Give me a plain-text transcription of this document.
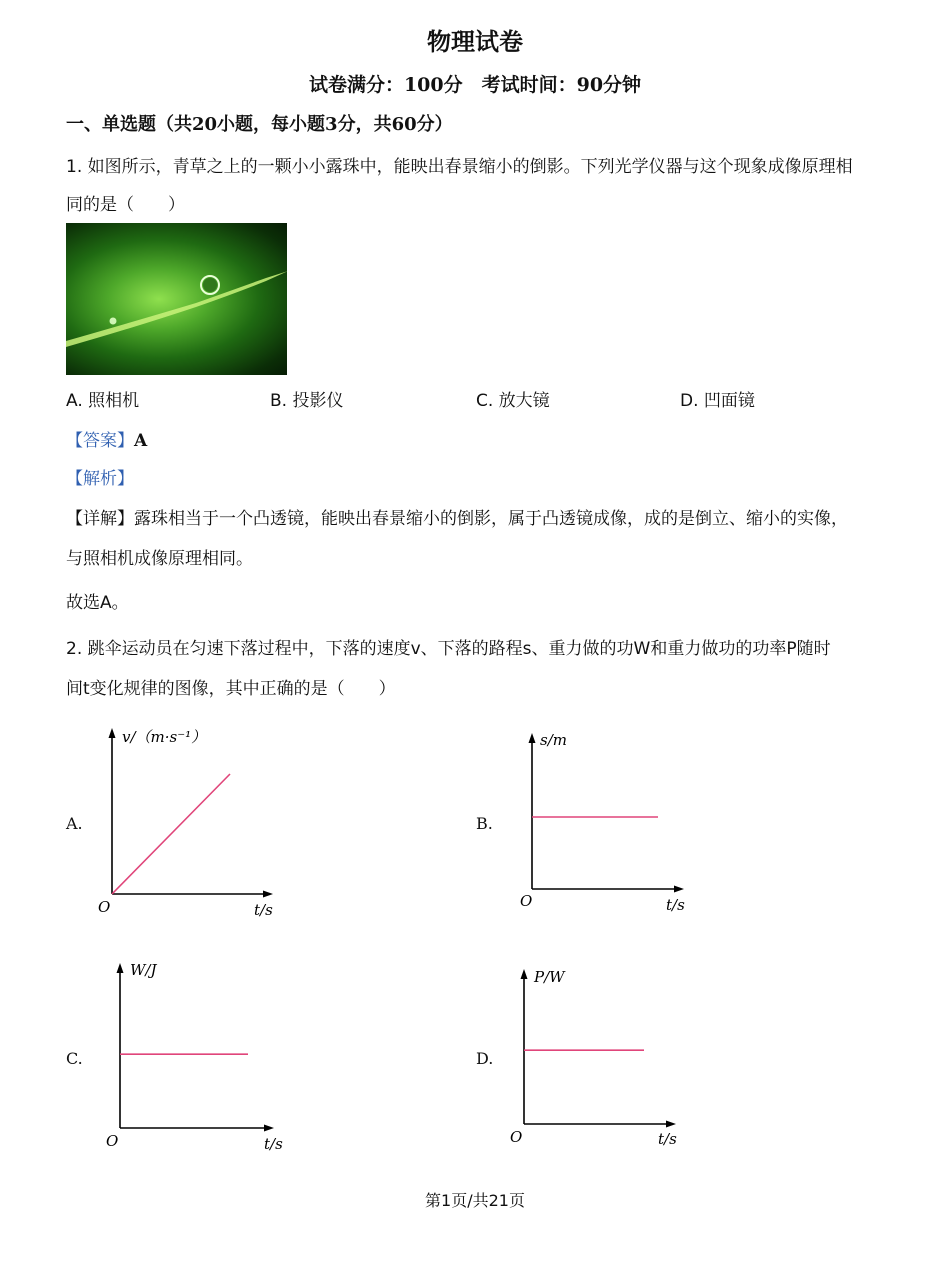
物理试卷
试卷满分：100分　考试时间：90分钟
一、单选题（共20小题，每小题3分，共60分）
1. 如图所示，青草之上的一颗小小露珠中，能映出春景缩小的倒影。下列光学仪器与这个现象成像原理相
同的是（　　）
A. 照相机	B. 投影仪	C. 放大镜	D. 凹面镜
【答案】A
【解析】
【详解】露珠相当于一个凸透镜，能映出春景缩小的倒影，属于凸透镜成像，成的是倒立、缩小的实像，
与照相机成像原理相同。
故选A。
2. 跳伞运动员在匀速下落过程中，下落的速度v、下落的路程s、重力做的功W和重力做功的功率P随时
间t变化规律的图像，其中正确的是（　　）
A.
v/（m·s⁻¹）
O	t/s
B.
s/m
O	t/s
C.
W/J
O	t/s
D.
P/W
O	t/s
第1页/共21页
